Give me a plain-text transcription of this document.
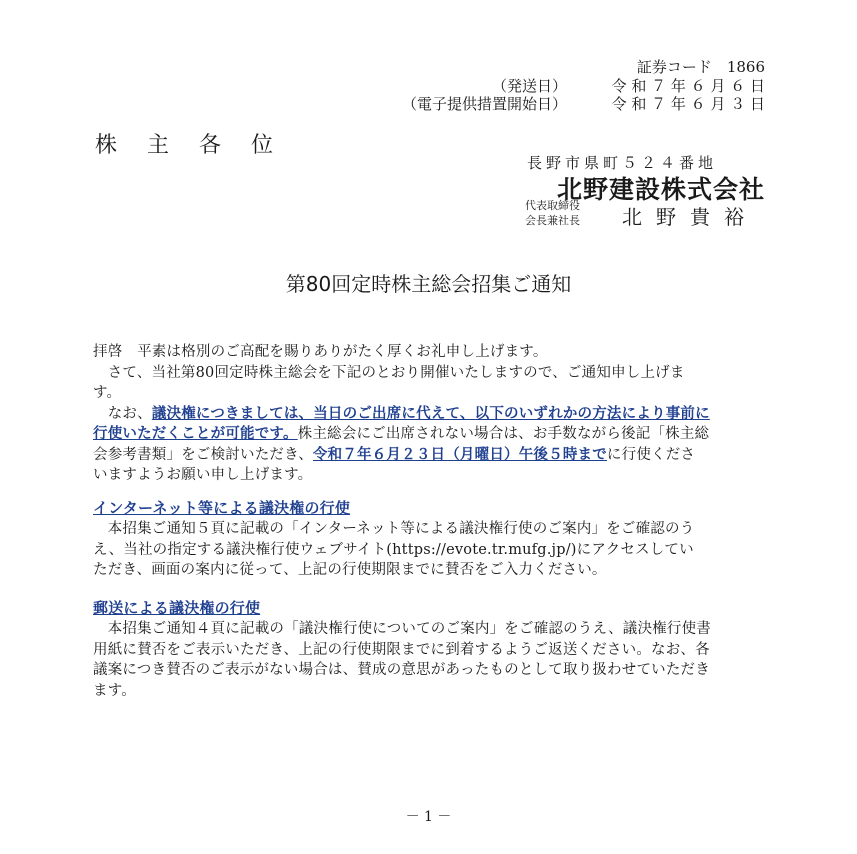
証券コード　1866
（発送日）	令 和 ７ 年 ６ 月 ６ 日
（電子提供措置開始日）	令 和 ７ 年 ６ 月 ３ 日
株主各位
長野市県町５２４番地
北野建設株式会社
代表取締役
会長兼社長 北野貴裕
第80回定時株主総会招集ご通知
拝啓　平素は格別のご高配を賜りありがたく厚くお礼申し上げます。
　さて、当社第80回定時株主総会を下記のとおり開催いたしますので、ご通知申し上げま
す。
　なお、議決権につきましては、当日のご出席に代えて、以下のいずれかの方法により事前に
行使いただくことが可能です。株主総会にご出席されない場合は、お手数ながら後記「株主総
会参考書類」をご検討いただき、令和７年６月２３日（月曜日）午後５時までに行使くださ
いますようお願い申し上げます。
インターネット等による議決権の行使
　本招集ご通知５頁に記載の「インターネット等による議決権行使のご案内」をご確認のう
え、当社の指定する議決権行使ウェブサイト(https://evote.tr.mufg.jp/)にアクセスしてい
ただき、画面の案内に従って、上記の行使期限までに賛否をご入力ください。
郵送による議決権の行使
　本招集ご通知４頁に記載の「議決権行使についてのご案内」をご確認のうえ、議決権行使書
用紙に賛否をご表示いただき、上記の行使期限までに到着するようご返送ください。なお、各
議案につき賛否のご表示がない場合は、賛成の意思があったものとして取り扱わせていただき
ます。
－ 1 －
